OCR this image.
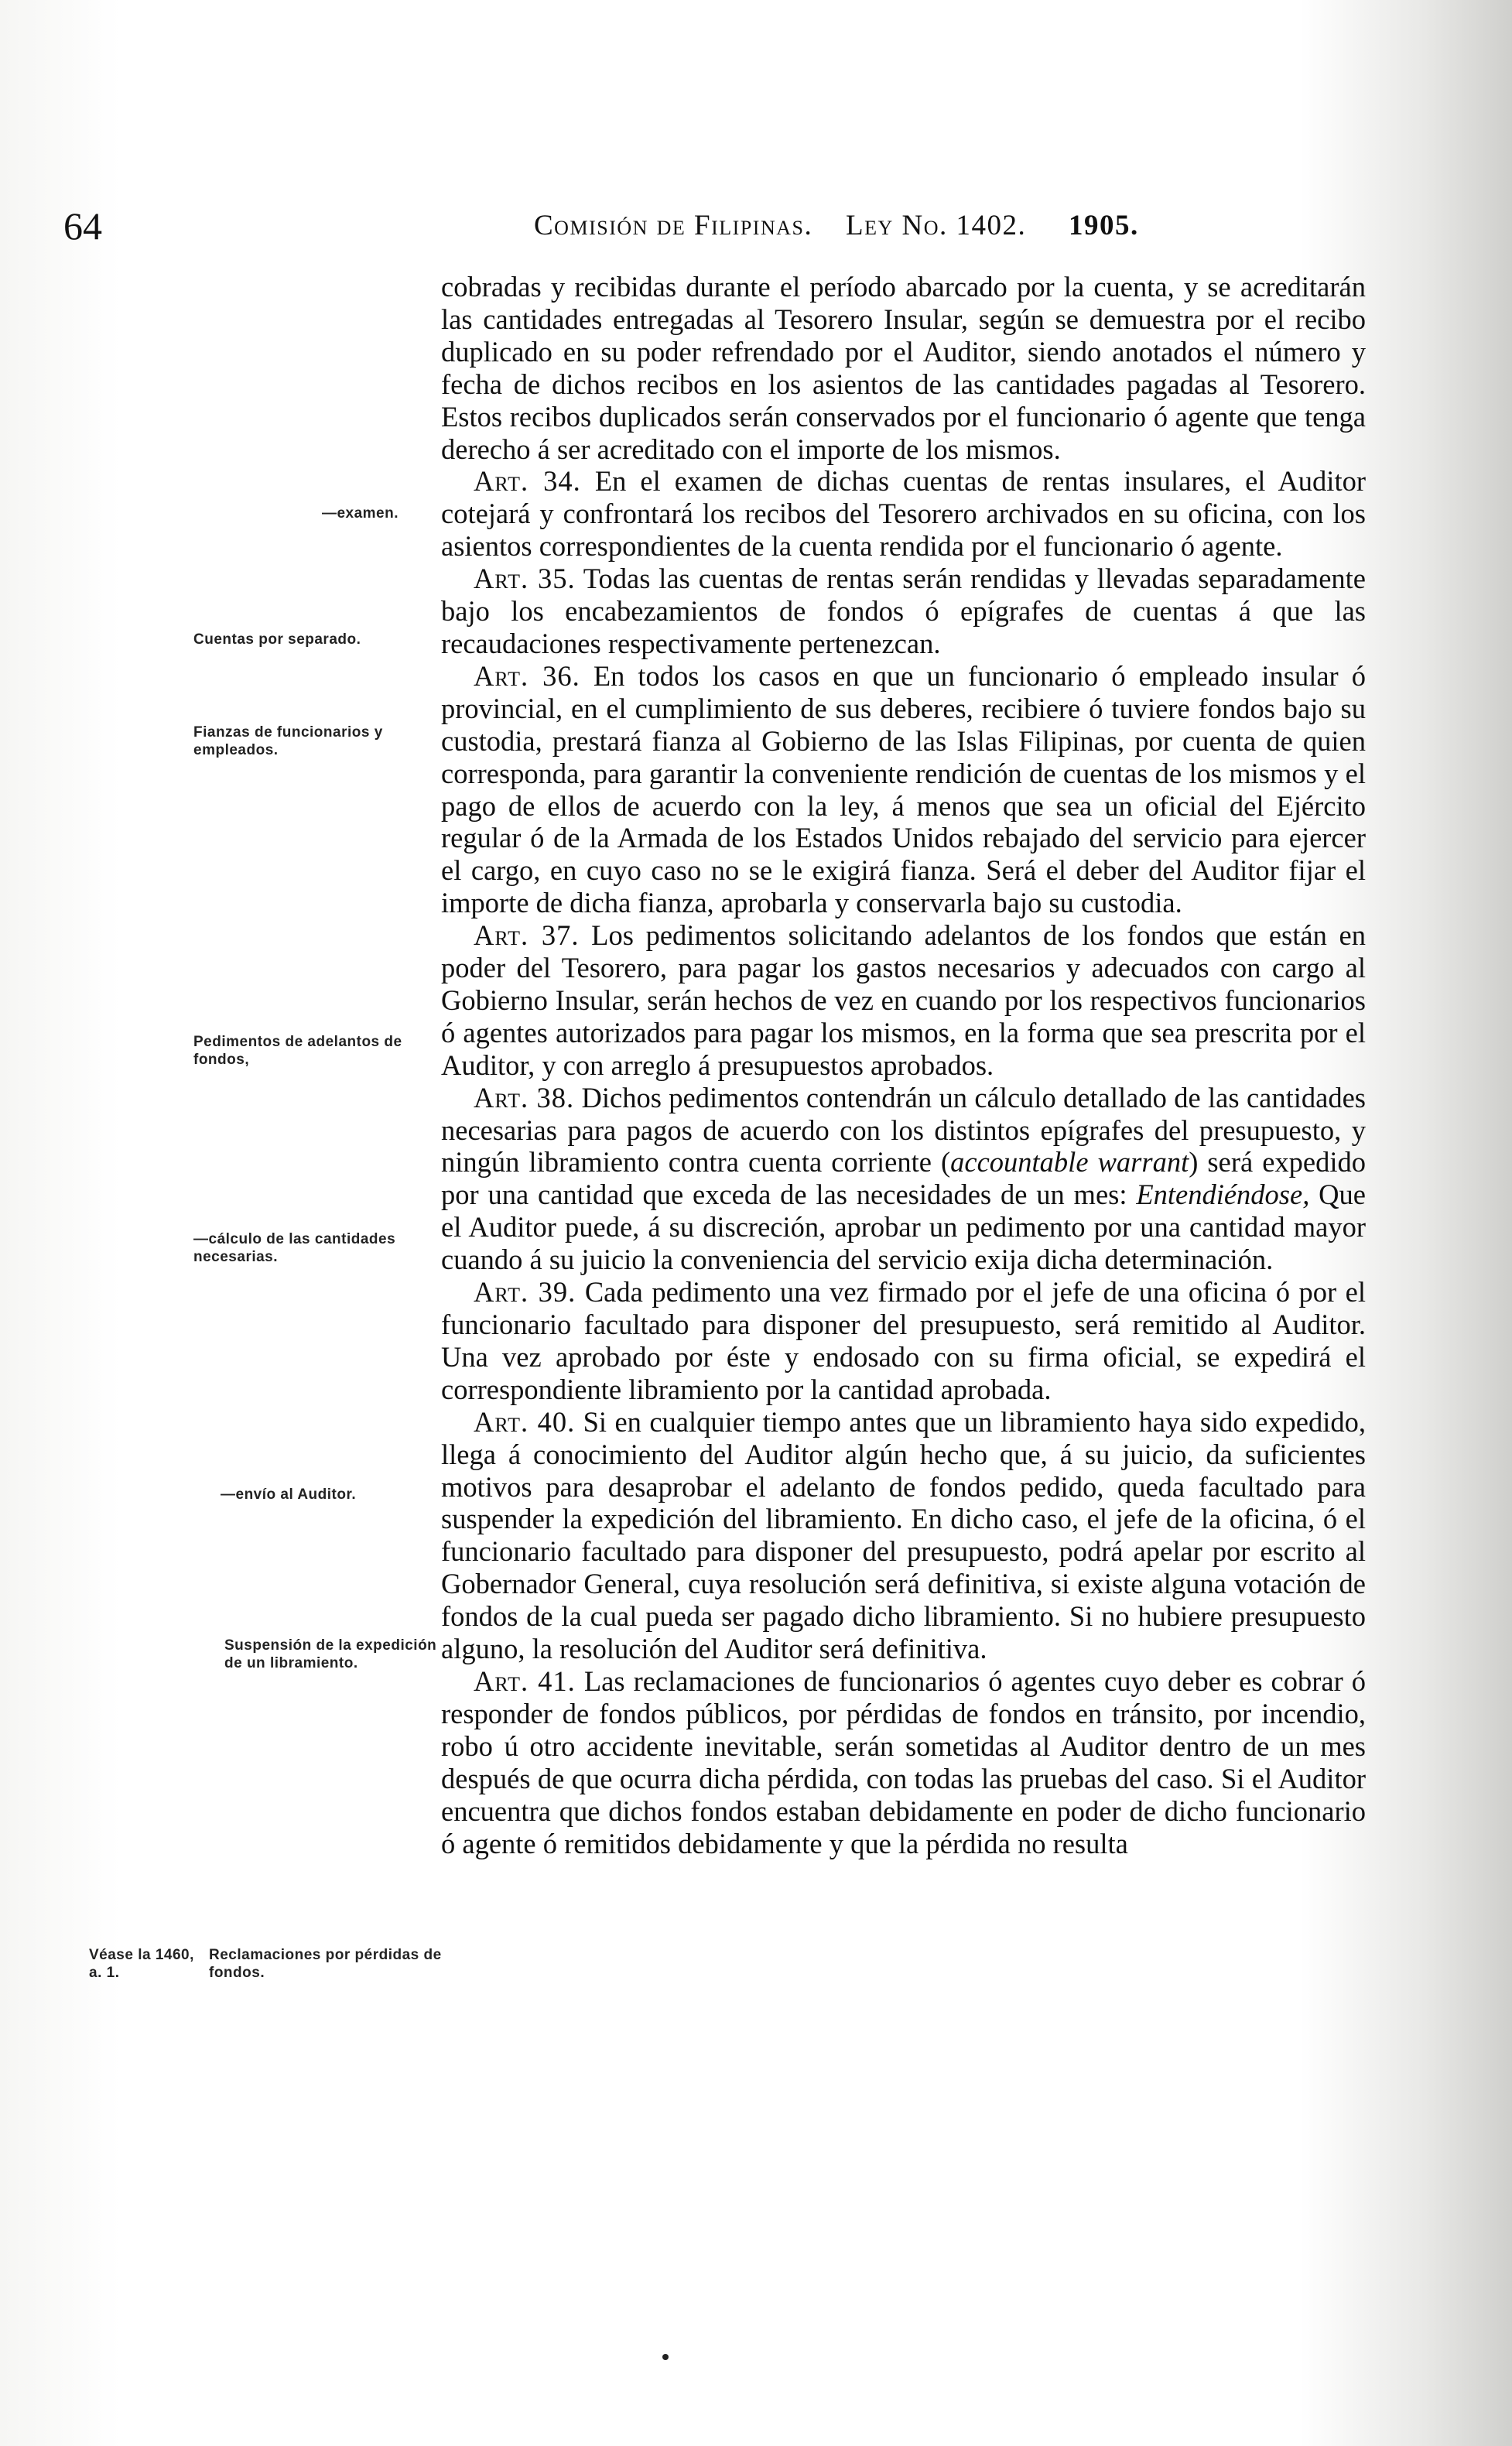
64	Comisión de Filipinas. Ley No. 1402. 1905.
—examen.
Cuentas por separado.
Fianzas de funcionarios y empleados.
Pedimentos de adelantos de fondos,
—cálculo de las cantidades necesarias.
—envío al Auditor.
Suspensión de la expedición de un libramiento.
Véase la 1460, a. 1.
Reclamaciones por pérdidas de fondos.

cobradas y recibidas durante el período abarcado por la cuenta, y se acreditarán las cantidades entregadas al Tesorero Insular, según se demuestra por el recibo duplicado en su poder refrendado por el Auditor, siendo anotados el número y fecha de dichos recibos en los asientos de las cantidades pagadas al Tesorero. Estos recibos duplicados serán conservados por el funcionario ó agente que tenga derecho á ser acreditado con el importe de los mismos.

Art. 34. En el examen de dichas cuentas de rentas insulares, el Auditor cotejará y confrontará los recibos del Tesorero archivados en su oficina, con los asientos correspondientes de la cuenta rendida por el funcionario ó agente.

Art. 35. Todas las cuentas de rentas serán rendidas y llevadas separadamente bajo los encabezamientos de fondos ó epígrafes de cuentas á que las recaudaciones respectivamente pertenezcan.

Art. 36. En todos los casos en que un funcionario ó empleado insular ó provincial, en el cumplimiento de sus deberes, recibiere ó tuviere fondos bajo su custodia, prestará fianza al Gobierno de las Islas Filipinas, por cuenta de quien corresponda, para garantir la conveniente rendición de cuentas de los mismos y el pago de ellos de acuerdo con la ley, á menos que sea un oficial del Ejército regular ó de la Armada de los Estados Unidos rebajado del servicio para ejercer el cargo, en cuyo caso no se le exigirá fianza. Será el deber del Auditor fijar el importe de dicha fianza, aprobarla y conservarla bajo su custodia.

Art. 37. Los pedimentos solicitando adelantos de los fondos que están en poder del Tesorero, para pagar los gastos necesarios y adecuados con cargo al Gobierno Insular, serán hechos de vez en cuando por los respectivos funcionarios ó agentes autorizados para pagar los mismos, en la forma que sea prescrita por el Auditor, y con arreglo á presupuestos aprobados.

Art. 38. Dichos pedimentos contendrán un cálculo detallado de las cantidades necesarias para pagos de acuerdo con los distintos epígrafes del presupuesto, y ningún libramiento contra cuenta corriente (accountable warrant) será expedido por una cantidad que exceda de las necesidades de un mes: Entendiéndose, Que el Auditor puede, á su discreción, aprobar un pedimento por una cantidad mayor cuando á su juicio la conveniencia del servicio exija dicha determinación.

Art. 39. Cada pedimento una vez firmado por el jefe de una oficina ó por el funcionario facultado para disponer del presupuesto, será remitido al Auditor. Una vez aprobado por éste y endosado con su firma oficial, se expedirá el correspondiente libramiento por la cantidad aprobada.

Art. 40. Si en cualquier tiempo antes que un libramiento haya sido expedido, llega á conocimiento del Auditor algún hecho que, á su juicio, da suficientes motivos para desaprobar el adelanto de fondos pedido, queda facultado para suspender la expedición del libramiento. En dicho caso, el jefe de la oficina, ó el funcionario facultado para disponer del presupuesto, podrá apelar por escrito al Gobernador General, cuya resolución será definitiva, si existe alguna votación de fondos de la cual pueda ser pagado dicho libramiento. Si no hubiere presupuesto alguno, la resolución del Auditor será definitiva.

Art. 41. Las reclamaciones de funcionarios ó agentes cuyo deber es cobrar ó responder de fondos públicos, por pérdidas de fondos en tránsito, por incendio, robo ú otro accidente inevitable, serán sometidas al Auditor dentro de un mes después de que ocurra dicha pérdida, con todas las pruebas del caso. Si el Auditor encuentra que dichos fondos estaban debidamente en poder de dicho funcionario ó agente ó remitidos debidamente y que la pérdida no resulta
